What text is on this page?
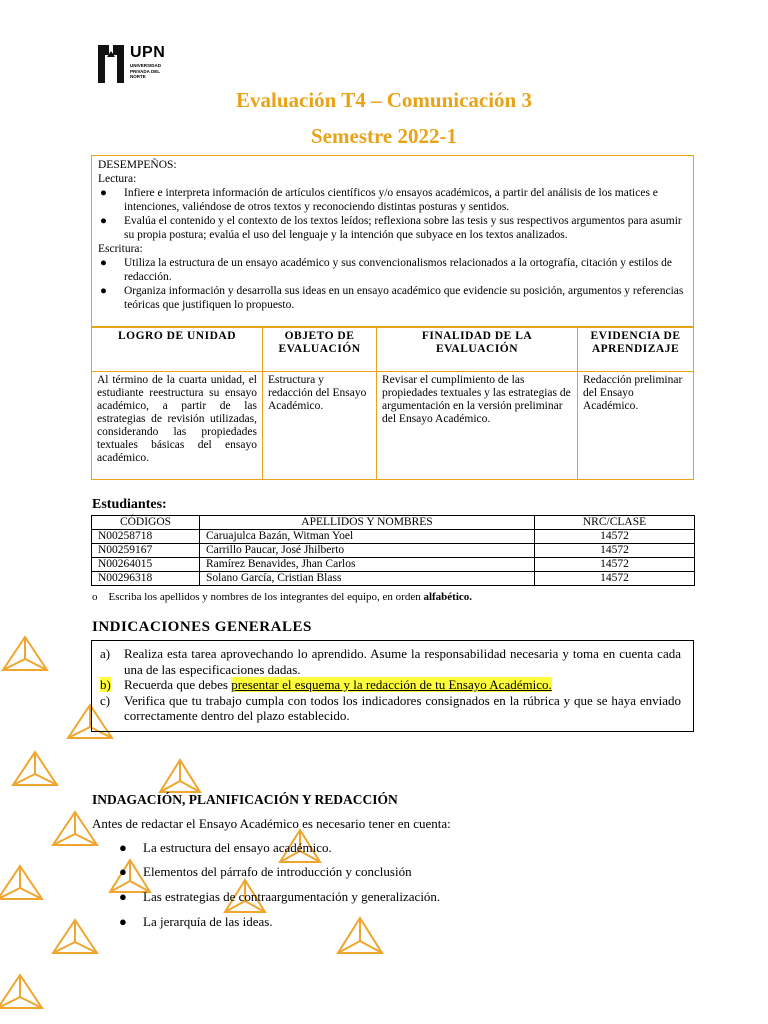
UPN
UNIVERSIDAD PRIVADA DEL NORTE
Evaluación T4 – Comunicación 3
Semestre 2022-1
DESEMPEÑOS:
Lectura:
●	Infiere e interpreta información de artículos científicos y/o ensayos académicos, a partir del análisis de los matices e intenciones, valiéndose de otros textos y reconociendo distintas posturas y sentidos.
●	Evalúa el contenido y el contexto de los textos leídos; reflexiona sobre las tesis y sus respectivos argumentos para asumir su propia postura; evalúa el uso del lenguaje y la intención que subyace en los textos analizados.
Escritura:
●	Utiliza la estructura de un ensayo académico y sus convencionalismos relacionados a la ortografía, citación y estilos de redacción.
●	Organiza información y desarrolla sus ideas en un ensayo académico que evidencie su posición, argumentos y referencias teóricas que justifiquen lo propuesto.
LOGRO DE UNIDAD	OBJETO DE EVALUACIÓN	FINALIDAD DE LA EVALUACIÓN	EVIDENCIA DE APRENDIZAJE
Al término de la cuarta unidad, el estudiante reestructura su ensayo académico, a partir de las estrategias de revisión utilizadas, considerando las propiedades textuales básicas del ensayo académico.	Estructura y redacción del Ensayo Académico.	Revisar el cumplimiento de las propiedades textuales y las estrategias de argumentación en la versión preliminar del Ensayo Académico.	Redacción preliminar del Ensayo Académico.
Estudiantes:
CÓDIGOS	APELLIDOS Y NOMBRES	NRC/CLASE
N00258718	Caruajulca Bazán, Witman Yoel	14572
N00259167	Carrillo Paucar, José Jhilberto	14572
N00264015	Ramírez Benavides, Jhan Carlos	14572
N00296318	Solano García, Cristian Blass	14572
o Escriba los apellidos y nombres de los integrantes del equipo, en orden alfabético.
INDICACIONES GENERALES
a)	Realiza esta tarea aprovechando lo aprendido. Asume la responsabilidad necesaria y toma en cuenta cada una de las especificaciones dadas.
b)	Recuerda que debes presentar el esquema y la redacción de tu Ensayo Académico.
c)	Verifica que tu trabajo cumpla con todos los indicadores consignados en la rúbrica y que se haya enviado correctamente dentro del plazo establecido.
INDAGACIÓN, PLANIFICACIÓN Y REDACCIÓN
Antes de redactar el Ensayo Académico es necesario tener en cuenta:
●	La estructura del ensayo académico.
●	Elementos del párrafo de introducción y conclusión
●	Las estrategias de contraargumentación y generalización.
●	La jerarquía de las ideas.
